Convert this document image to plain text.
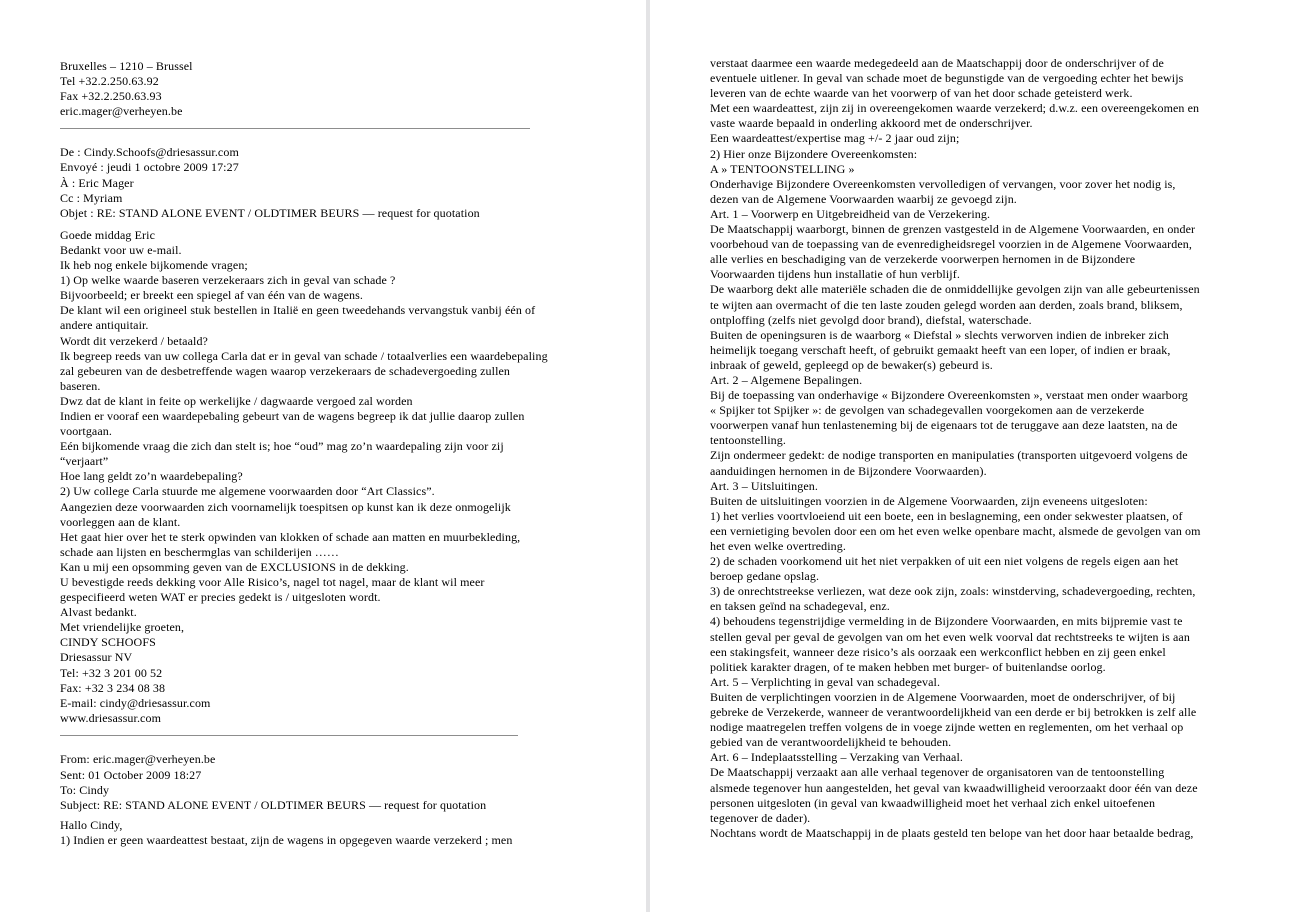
Bruxelles – 1210 – Brussel
Tel +32.2.250.63.92
Fax +32.2.250.63.93
eric.mager@verheyen.be
De : Cindy.Schoofs@driesassur.com
Envoyé : jeudi 1 octobre 2009 17:27
À : Eric Mager
Cc : Myriam
Objet : RE: STAND ALONE EVENT / OLDTIMER BEURS — request for quotation
Goede middag Eric
Bedankt voor uw e-mail.
Ik heb nog enkele bijkomende vragen;
1) Op welke waarde baseren verzekeraars zich in geval van schade ?
Bijvoorbeeld; er breekt een spiegel af van één van de wagens.
De klant wil een origineel stuk bestellen in Italië en geen tweedehands vervangstuk vanbij één of
andere antiquitair.
Wordt dit verzekerd / betaald?
Ik begreep reeds van uw collega Carla dat er in geval van schade / totaalverlies een waardebepaling
zal gebeuren van de desbetreffende wagen waarop verzekeraars de schadevergoeding zullen
baseren.
Dwz dat de klant in feite op werkelijke / dagwaarde vergoed zal worden
Indien er vooraf een waardepebaling gebeurt van de wagens begreep ik dat jullie daarop zullen
voortgaan.
Eén bijkomende vraag die zich dan stelt is; hoe “oud” mag zo’n waardepaling zijn voor zij
“verjaart”
Hoe lang geldt zo’n waardebepaling?
2) Uw college Carla stuurde me algemene voorwaarden door “Art Classics”.
Aangezien deze voorwaarden zich voornamelijk toespitsen op kunst kan ik deze onmogelijk
voorleggen aan de klant.
Het gaat hier over het te sterk opwinden van klokken of schade aan matten en muurbekleding,
schade aan lijsten en beschermglas van schilderijen ……
Kan u mij een opsomming geven van de EXCLUSIONS in de dekking.
U bevestigde reeds dekking voor Alle Risico’s, nagel tot nagel, maar de klant wil meer
gespecifieerd weten WAT er precies gedekt is / uitgesloten wordt.
Alvast bedankt.
Met vriendelijke groeten,
CINDY SCHOOFS
Driesassur NV
Tel: +32 3 201 00 52
Fax: +32 3 234 08 38
E-mail: cindy@driesassur.com
www.driesassur.com
From: eric.mager@verheyen.be
Sent: 01 October 2009 18:27
To: Cindy
Subject: RE: STAND ALONE EVENT / OLDTIMER BEURS — request for quotation
Hallo Cindy,
1) Indien er geen waardeattest bestaat, zijn de wagens in opgegeven waarde verzekerd ; men
verstaat daarmee een waarde medegedeeld aan de Maatschappij door de onderschrijver of de
eventuele uitlener. In geval van schade moet de begunstigde van de vergoeding echter het bewijs
leveren van de echte waarde van het voorwerp of van het door schade geteisterd werk.
Met een waardeattest, zijn zij in overeengekomen waarde verzekerd; d.w.z. een overeengekomen en
vaste waarde bepaald in onderling akkoord met de onderschrijver.
Een waardeattest/expertise mag +/- 2 jaar oud zijn;
2) Hier onze Bijzondere Overeenkomsten:
A » TENTOONSTELLING »
Onderhavige Bijzondere Overeenkomsten vervolledigen of vervangen, voor zover het nodig is,
dezen van de Algemene Voorwaarden waarbij ze gevoegd zijn.
Art. 1 – Voorwerp en Uitgebreidheid van de Verzekering.
De Maatschappij waarborgt, binnen de grenzen vastgesteld in de Algemene Voorwaarden, en onder
voorbehoud van de toepassing van de evenredigheidsregel voorzien in de Algemene Voorwaarden,
alle verlies en beschadiging van de verzekerde voorwerpen hernomen in de Bijzondere
Voorwaarden tijdens hun installatie of hun verblijf.
De waarborg dekt alle materiële schaden die de onmiddellijke gevolgen zijn van alle gebeurtenissen
te wijten aan overmacht of die ten laste zouden gelegd worden aan derden, zoals brand, bliksem,
ontploffing (zelfs niet gevolgd door brand), diefstal, waterschade.
Buiten de openingsuren is de waarborg « Diefstal » slechts verworven indien de inbreker zich
heimelijk toegang verschaft heeft, of gebruikt gemaakt heeft van een loper, of indien er braak,
inbraak of geweld, gepleegd op de bewaker(s) gebeurd is.
Art. 2 – Algemene Bepalingen.
Bij de toepassing van onderhavige « Bijzondere Overeenkomsten », verstaat men onder waarborg
« Spijker tot Spijker »: de gevolgen van schadegevallen voorgekomen aan de verzekerde
voorwerpen vanaf hun tenlasteneming bij de eigenaars tot de teruggave aan deze laatsten, na de
tentoonstelling.
Zijn ondermeer gedekt: de nodige transporten en manipulaties (transporten uitgevoerd volgens de
aanduidingen hernomen in de Bijzondere Voorwaarden).
Art. 3 – Uitsluitingen.
Buiten de uitsluitingen voorzien in de Algemene Voorwaarden, zijn eveneens uitgesloten:
1) het verlies voortvloeiend uit een boete, een in beslagneming, een onder sekwester plaatsen, of
een vernietiging bevolen door een om het even welke openbare macht, alsmede de gevolgen van om
het even welke overtreding.
2) de schaden voorkomend uit het niet verpakken of uit een niet volgens de regels eigen aan het
beroep gedane opslag.
3) de onrechtstreekse verliezen, wat deze ook zijn, zoals: winstderving, schadevergoeding, rechten,
en taksen geïnd na schadegeval, enz.
4) behoudens tegenstrijdige vermelding in de Bijzondere Voorwaarden, en mits bijpremie vast te
stellen geval per geval de gevolgen van om het even welk voorval dat rechtstreeks te wijten is aan
een stakingsfeit, wanneer deze risico’s als oorzaak een werkconflict hebben en zij geen enkel
politiek karakter dragen, of te maken hebben met burger- of buitenlandse oorlog.
Art. 5 – Verplichting in geval van schadegeval.
Buiten de verplichtingen voorzien in de Algemene Voorwaarden, moet de onderschrijver, of bij
gebreke de Verzekerde, wanneer de verantwoordelijkheid van een derde er bij betrokken is zelf alle
nodige maatregelen treffen volgens de in voege zijnde wetten en reglementen, om het verhaal op
gebied van de verantwoordelijkheid te behouden.
Art. 6 – Indeplaatsstelling – Verzaking van Verhaal.
De Maatschappij verzaakt aan alle verhaal tegenover de organisatoren van de tentoonstelling
alsmede tegenover hun aangestelden, het geval van kwaadwilligheid veroorzaakt door één van deze
personen uitgesloten (in geval van kwaadwilligheid moet het verhaal zich enkel uitoefenen
tegenover de dader).
Nochtans wordt de Maatschappij in de plaats gesteld ten belope van het door haar betaalde bedrag,
